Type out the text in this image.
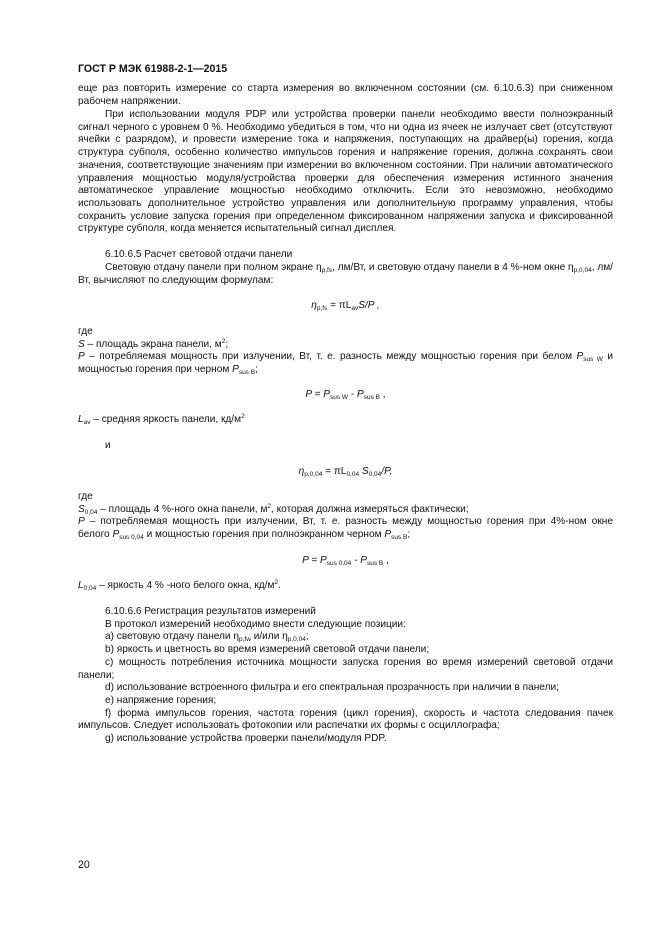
ГОСТ Р МЭК 61988-2-1—2015
еще раз повторить измерение со старта измерения во включенном состоянии (см. 6.10.6.3) при сниженном рабочем напряжении.
При использовании модуля PDP или устройства проверки панели необходимо ввести полноэкранный сигнал черного с уровнем 0 %. Необходимо убедиться в том, что ни одна из ячеек не излучает свет (отсутствуют ячейки с разрядом), и провести измерение тока и напряжения, поступающих на драйвер(ы) горения, когда структура субполя, особенно количество импульсов горения и напряжение горения, должна сохранять свои значения, соответствующие значениям при измерении во включенном состоянии. При наличии автоматического управления мощностью модуля/устройства проверки для обеспечения измерения истинного значения автоматическое управление мощностью необходимо отключить. Если это невозможно, необходимо использовать дополнительное устройство управления или дополнительную программу управления, чтобы сохранить условие запуска горения при определенном фиксированном напряжении запуска и фиксированной структуре субполя, когда меняется испытательный сигнал дисплея.
6.10.6.5 Расчет световой отдачи панели
Световую отдачу панели при полном экране $\eta_{p,fs}$, лм/Вт, и световую отдачу панели в 4 %-ном окне $\eta_{p,0,04}$, лм/Вт, вычисляют по следующим формулам:
$\eta_{p,fs} = \pi L_{av}S/P$ ,
где
S – площадь экрана панели, $м^2$;
P – потребляемая мощность при излучении, Вт, т. е. разность между мощностью горения при белом $P_{sus W}$ и мощностью горения при черном $P_{sus B}$;
$P = P_{sus W} - P_{sus B}$ ,
$L_{av}$ – средняя яркость панели, $кд/м^2$
и
$\eta_{p,0,04} = \pi L_{0,04}$ $S_{0,04}/P$,
где
$S_{0,04}$ – площадь 4 %-ного окна панели, $м^2$, которая должна измеряться фактически;
P – потребляемая мощность при излучении, Вт, т. е. разность между мощностью горения при 4%-ном окне белого $P_{sus 0,04}$ и мощностью горения при полноэкранном черном $P_{sus B}$;
$P = P_{sus 0,04} - P_{sus B}$ ,
$L_{0,04}$ – яркость 4 % -ного белого окна, $кд/м^2$.
6.10.6.6 Регистрация результатов измерений
В протокол измерений необходимо внести следующие позиции:
a) световую отдачу панели $\eta_{p,fw}$ и/или $\eta_{p,0,04}$;
b) яркость и цветность во время измерений световой отдачи панели;
c) мощность потребления источника мощности запуска горения во время измерений световой отдачи панели;
d) использование встроенного фильтра и его спектральная прозрачность при наличии в панели;
e) напряжение горения;
f) форма импульсов горения, частота горения (цикл горения), скорость и частота следования пачек импульсов. Следует использовать фотокопии или распечатки их формы с осциллографа;
g) использование устройства проверки панели/модуля PDP.
20
